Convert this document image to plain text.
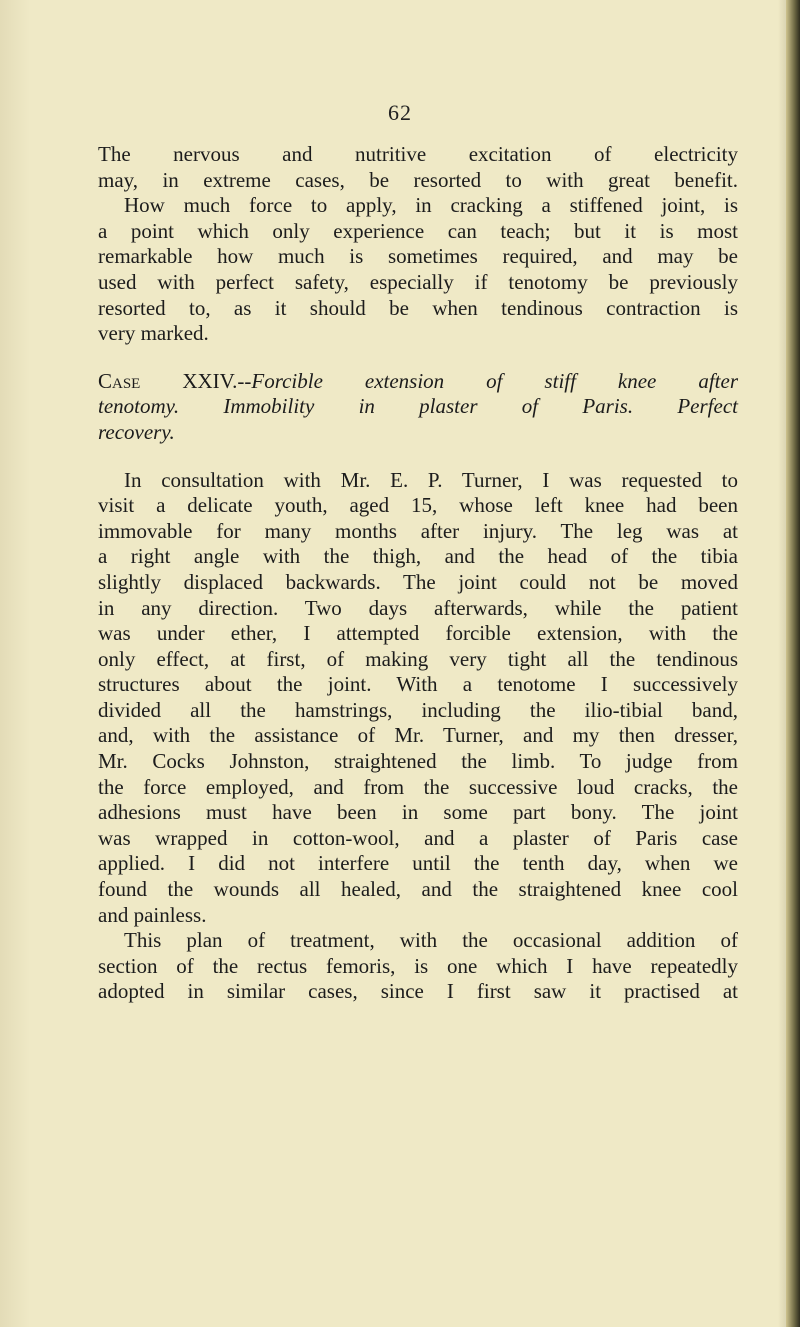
62
The nervous and nutritive excitation of electricity
may, in extreme cases, be resorted to with great benefit.
How much force to apply, in cracking a stiffened joint, is
a point which only experience can teach; but it is most
remarkable how much is sometimes required, and may be
used with perfect safety, especially if tenotomy be previously
resorted to, as it should be when tendinous contraction is
very marked.
Case XXIV.--Forcible extension of stiff knee after
tenotomy. Immobility in plaster of Paris. Perfect
recovery.
In consultation with Mr. E. P. Turner, I was requested to
visit a delicate youth, aged 15, whose left knee had been
immovable for many months after injury. The leg was at
a right angle with the thigh, and the head of the tibia
slightly displaced backwards. The joint could not be moved
in any direction. Two days afterwards, while the patient
was under ether, I attempted forcible extension, with the
only effect, at first, of making very tight all the tendinous
structures about the joint. With a tenotome I successively
divided all the hamstrings, including the ilio-tibial band,
and, with the assistance of Mr. Turner, and my then dresser,
Mr. Cocks Johnston, straightened the limb. To judge from
the force employed, and from the successive loud cracks, the
adhesions must have been in some part bony. The joint
was wrapped in cotton-wool, and a plaster of Paris case
applied. I did not interfere until the tenth day, when we
found the wounds all healed, and the straightened knee cool
and painless.
This plan of treatment, with the occasional addition of
section of the rectus femoris, is one which I have repeatedly
adopted in similar cases, since I first saw it practised at
